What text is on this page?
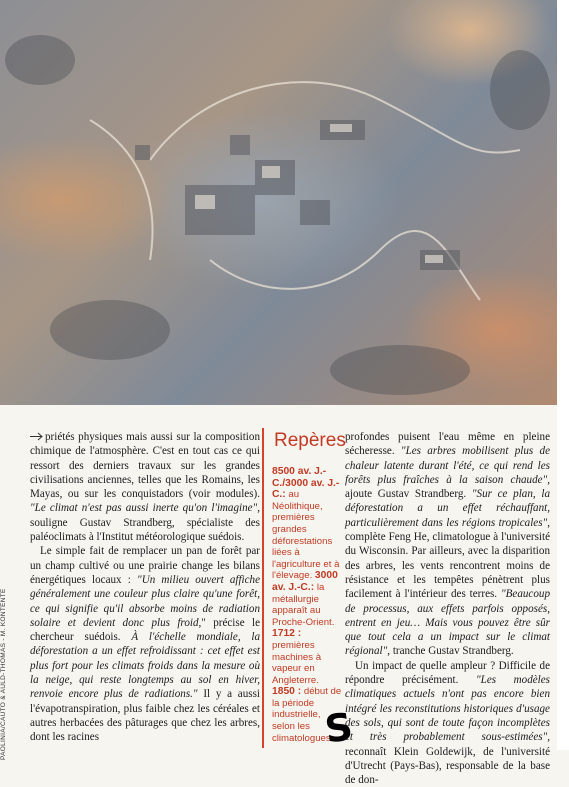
PAOLINIA/CAUTO & AULD-THOMAS - M. KONTENTE

priétés physiques mais aussi sur la composition chimique de l'atmosphère. C'est en tout cas ce qui ressort des derniers travaux sur les grandes civilisations anciennes, telles que les Romains, les Mayas, ou sur les conquistadors (voir modules). "Le climat n'est pas aussi inerte qu'on l'imagine", souligne Gustav Strandberg, spécialiste des paléoclimats à l'Institut météorologique suédois.

Le simple fait de remplacer un pan de forêt par un champ cultivé ou une prairie change les bilans énergétiques locaux : "Un milieu ouvert affiche généralement une couleur plus claire qu'une forêt, ce qui signifie qu'il absorbe moins de radiation solaire et devient donc plus froid," précise le chercheur suédois. À l'échelle mondiale, la déforestation a un effet refroidissant : cet effet est plus fort pour les climats froids dans la mesure où la neige, qui reste longtemps au sol en hiver, renvoie encore plus de radiations." Il y a aussi l'évapotranspiration, plus faible chez les céréales et autres herbacées des pâturages que chez les arbres, dont les racines

Repères
8500 av. J.-C./3000 av. J.-C.: au Néolithique, premières grandes déforestations liées à l'agriculture et à l'élevage. 3000 av. J.-C.: la métallurgie apparaît au Proche-Orient. 1712 : premières machines à vapeur en Angleterre. 1850 : début de la période industrielle, selon les climatologues.

profondes puisent l'eau même en pleine sécheresse. "Les arbres mobilisent plus de chaleur latente durant l'été, ce qui rend les forêts plus fraîches à la saison chaude", ajoute Gustav Strandberg. "Sur ce plan, la déforestation a un effet réchauffant, particulièrement dans les régions tropicales", complète Feng He, climatologue à l'université du Wisconsin. Par ailleurs, avec la disparition des arbres, les vents rencontrent moins de résistance et les tempêtes pénètrent plus facilement à l'intérieur des terres. "Beaucoup de processus, aux effets parfois opposés, entrent en jeu… Mais vous pouvez être sûr que tout cela a un impact sur le climat régional", tranche Gustav Strandberg.

Un impact de quelle ampleur ? Difficile de répondre précisément. "Les modèles climatiques actuels n'ont pas encore bien intégré les reconstitutions historiques d'usage des sols, qui sont de toute façon incomplètes et très probablement sous-estimées", reconnaît Klein Goldewijk, de l'université d'Utrecht (Pays-Bas), responsable de la base de don-

S
